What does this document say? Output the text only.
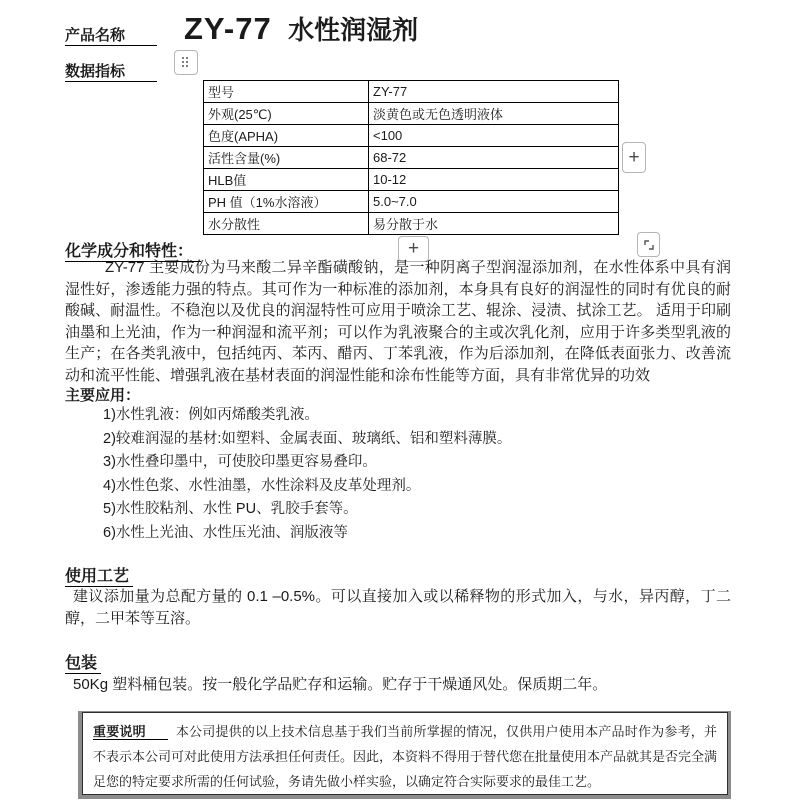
产品名称	ZY-77 水性润湿剂
数据指标
型号	ZY-77
外观(25℃)	淡黄色或无色透明液体
色度(APHA)	<100
活性含量(%)	68-72
HLB值	10-12
PH 值（1%水溶液）	5.0~7.0
水分散性	易分散于水
+
+
化学成分和特性：
ZY-77 主要成份为马来酸二异辛酯磺酸钠，是一种阴离子型润湿添加剂，在水性体系中具有润湿性好，渗透能力强的特点。其可作为一种标准的添加剂，本身具有良好的润湿性的同时有优良的耐酸碱、耐温性。不稳泡以及优良的润湿特性可应用于喷涂工艺、辊涂、浸渍、拭涂工艺。 适用于印刷油墨和上光油，作为一种润湿和流平剂；可以作为乳液聚合的主或次乳化剂，应用于许多类型乳液的生产；在各类乳液中，包括纯丙、苯丙、醋丙、丁苯乳液，作为后添加剂，在降低表面张力、改善流动和流平性能、增强乳液在基材表面的润湿性能和涂布性能等方面，具有非常优异的功效
主要应用：
1)水性乳液：例如丙烯酸类乳液。
2)较难润湿的基材:如塑料、金属表面、玻璃纸、铝和塑料薄膜。
3)水性叠印墨中，可使胶印墨更容易叠印。
4)水性色浆、水性油墨，水性涂料及皮革处理剂。
5)水性胶粘剂、水性 PU、乳胶手套等。
6)水性上光油、水性压光油、润版液等
使用工艺
建议添加量为总配方量的 0.1 –0.5%。可以直接加入或以稀释物的形式加入，与水，异丙醇，丁二醇，二甲苯等互溶。
包装
50Kg 塑料桶包装。按一般化学品贮存和运输。贮存于干燥通风处。保质期二年。
重要说明 本公司提供的以上技术信息基于我们当前所掌握的情况，仅供用户使用本产品时作为参考，并不表示本公司可对此使用方法承担任何责任。因此，本资料不得用于替代您在批量使用本产品就其是否完全满足您的特定要求所需的任何试验，务请先做小样实验，以确定符合实际要求的最佳工艺。
